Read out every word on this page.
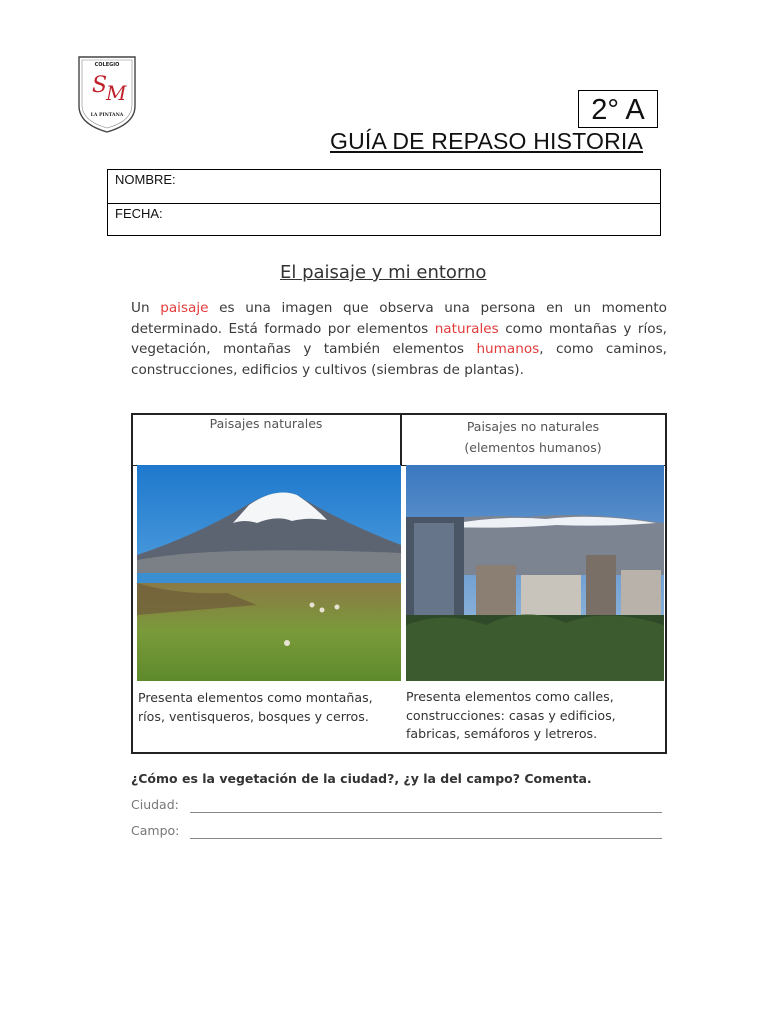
COLEGIO
S
M
LA PINTANA	2° A
GUÍA DE REPASO HISTORIA
NOMBRE:
FECHA:
El paisaje y mi entorno
Un paisaje es una imagen que observa una persona en un momento determinado. Está formado por elementos naturales como montañas y ríos, vegetación, montañas y también elementos humanos, como caminos, construcciones, edificios y cultivos (siembras de plantas).
Paisajes naturales	Paisajes no naturales
(elementos humanos)
Presenta elementos como montañas, ríos, ventisqueros, bosques y cerros.
Presenta elementos como calles, construcciones: casas y edificios, fabricas, semáforos y letreros.
¿Cómo es la vegetación de la ciudad?, ¿y la del campo? Comenta.
Ciudad:
Campo:
